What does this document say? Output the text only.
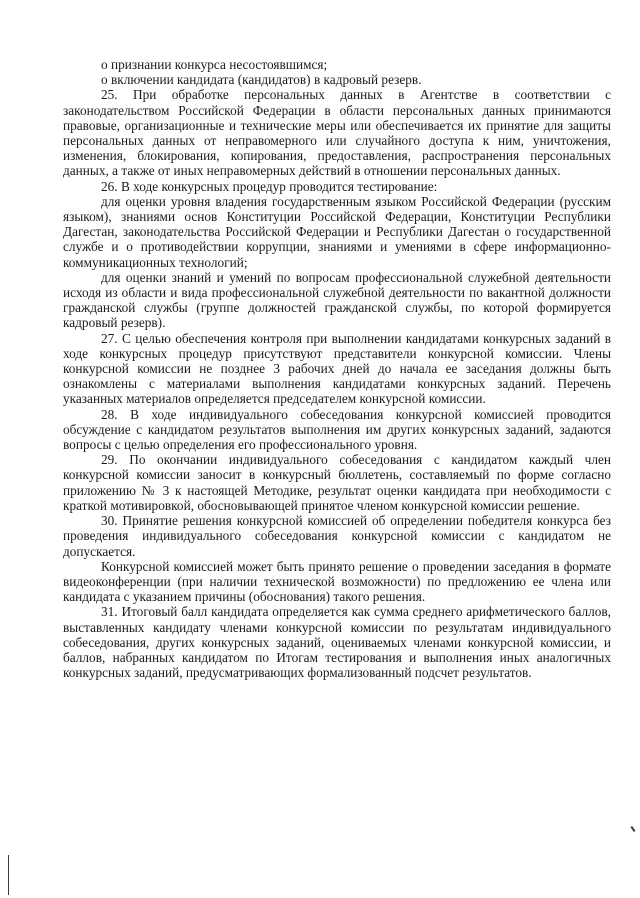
о признании конкурса несостоявшимся;

о включении кандидата (кандидатов) в кадровый резерв.

25. При обработке персональных данных в Агентстве в соответствии с законодательством Российской Федерации в области персональных данных принимаются правовые, организационные и технические меры или обеспечивается их принятие для защиты персональных данных от неправомерного или случайного доступа к ним, уничтожения, изменения, блокирования, копирования, предоставления, распространения персональных данных, а также от иных неправомерных действий в отношении персональных данных.

26. В ходе конкурсных процедур проводится тестирование:

для оценки уровня владения государственным языком Российской Федерации (русским языком), знаниями основ Конституции Российской Федерации, Конституции Республики Дагестан, законодательства Российской Федерации и Республики Дагестан о государственной службе и о противодействии коррупции, знаниями и умениями в сфере информационно-коммуникационных технологий;

для оценки знаний и умений по вопросам профессиональной служебной деятельности исходя из области и вида профессиональной служебной деятельности по вакантной должности гражданской службы (группе должностей гражданской службы, по которой формируется кадровый резерв).

27. С целью обеспечения контроля при выполнении кандидатами конкурсных заданий в ходе конкурсных процедур присутствуют представители конкурсной комиссии. Члены конкурсной комиссии не позднее 3 рабочих дней до начала ее заседания должны быть ознакомлены с материалами выполнения кандидатами конкурсных заданий. Перечень указанных материалов определяется председателем конкурсной комиссии.

28. В ходе индивидуального собеседования конкурсной комиссией проводится обсуждение с кандидатом результатов выполнения им других конкурсных заданий, задаются вопросы с целью определения его профессионального уровня.

29. По окончании индивидуального собеседования с кандидатом каждый член конкурсной комиссии заносит в конкурсный бюллетень, составляемый по форме согласно приложению № 3 к настоящей Методике, результат оценки кандидата при необходимости с краткой мотивировкой, обосновывающей принятое членом конкурсной комиссии решение.

30. Принятие решения конкурсной комиссией об определении победителя конкурса без проведения индивидуального собеседования конкурсной комиссии с кандидатом не допускается.

Конкурсной комиссией может быть принято решение о проведении заседания в формате видеоконференции (при наличии технической возможности) по предложению ее члена или кандидата с указанием причины (обоснования) такого решения.

31. Итоговый балл кандидата определяется как сумма среднего арифметического баллов, выставленных кандидату членами конкурсной комиссии по результатам индивидуального собеседования, других конкурсных заданий, оцениваемых членами конкурсной комиссии, и баллов, набранных кандидатом по Итогам тестирования и выполнения иных аналогичных конкурсных заданий, предусматривающих формализованный подсчет результатов.
